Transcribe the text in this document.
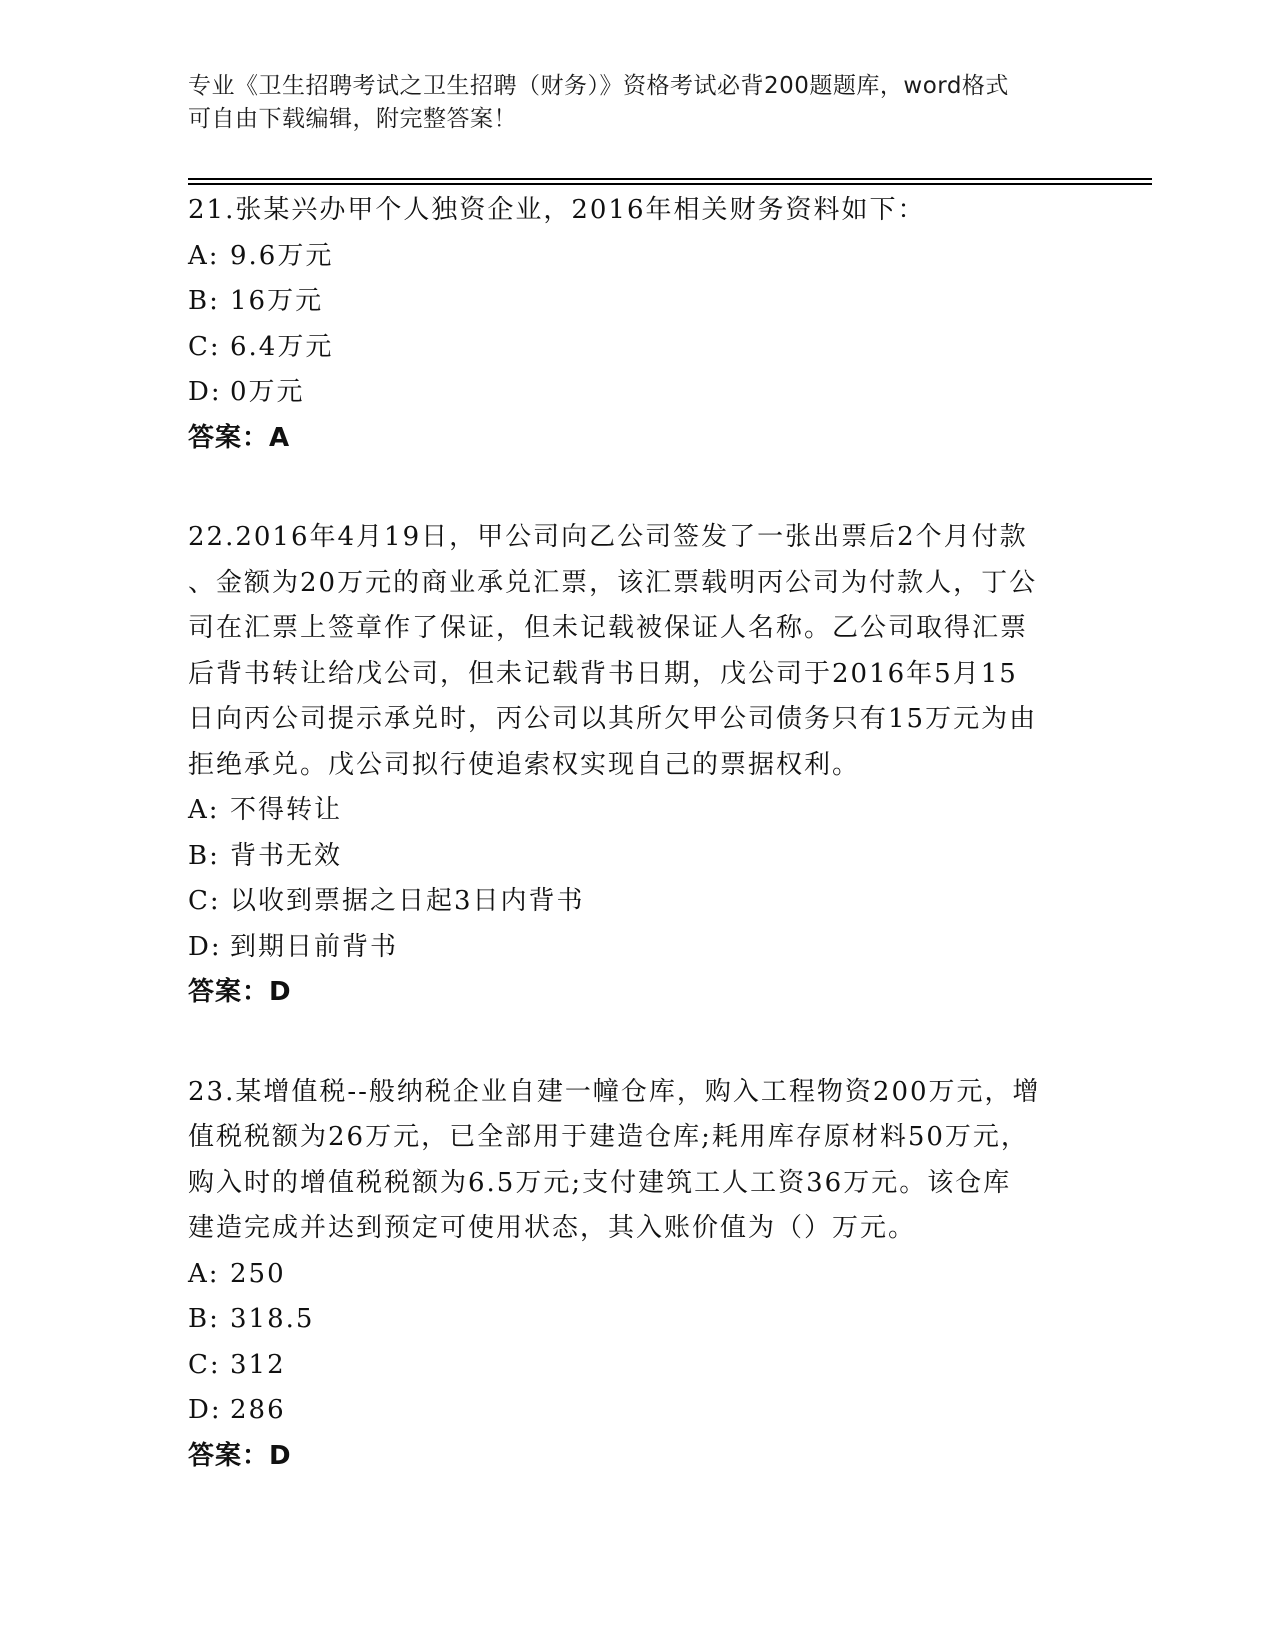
专业《卫生招聘考试之卫生招聘（财务）》资格考试必背200题题库，word格式
可自由下载编辑，附完整答案！

21.张某兴办甲个人独资企业，2016年相关财务资料如下：

A: 9.6万元

B: 16万元

C: 6.4万元

D: 0万元

答案：A

22.2016年4月19日，甲公司向乙公司签发了一张出票后2个月付款

、金额为20万元的商业承兑汇票，该汇票载明丙公司为付款人，丁公

司在汇票上签章作了保证，但未记载被保证人名称。乙公司取得汇票

后背书转让给戊公司，但未记载背书日期，戊公司于2016年5月15

日向丙公司提示承兑时，丙公司以其所欠甲公司债务只有15万元为由

拒绝承兑。戊公司拟行使追索权实现自己的票据权利。

A: 不得转让

B: 背书无效

C: 以收到票据之日起3日内背书

D: 到期日前背书

答案：D

23.某增值税--般纳税企业自建一幢仓库，购入工程物资200万元，增

值税税额为26万元，已全部用于建造仓库;耗用库存原材料50万元，

购入时的增值税税额为6.5万元;支付建筑工人工资36万元。该仓库

建造完成并达到预定可使用状态，其入账价值为（）万元。

A: 250

B: 318.5

C: 312

D: 286

答案：D
